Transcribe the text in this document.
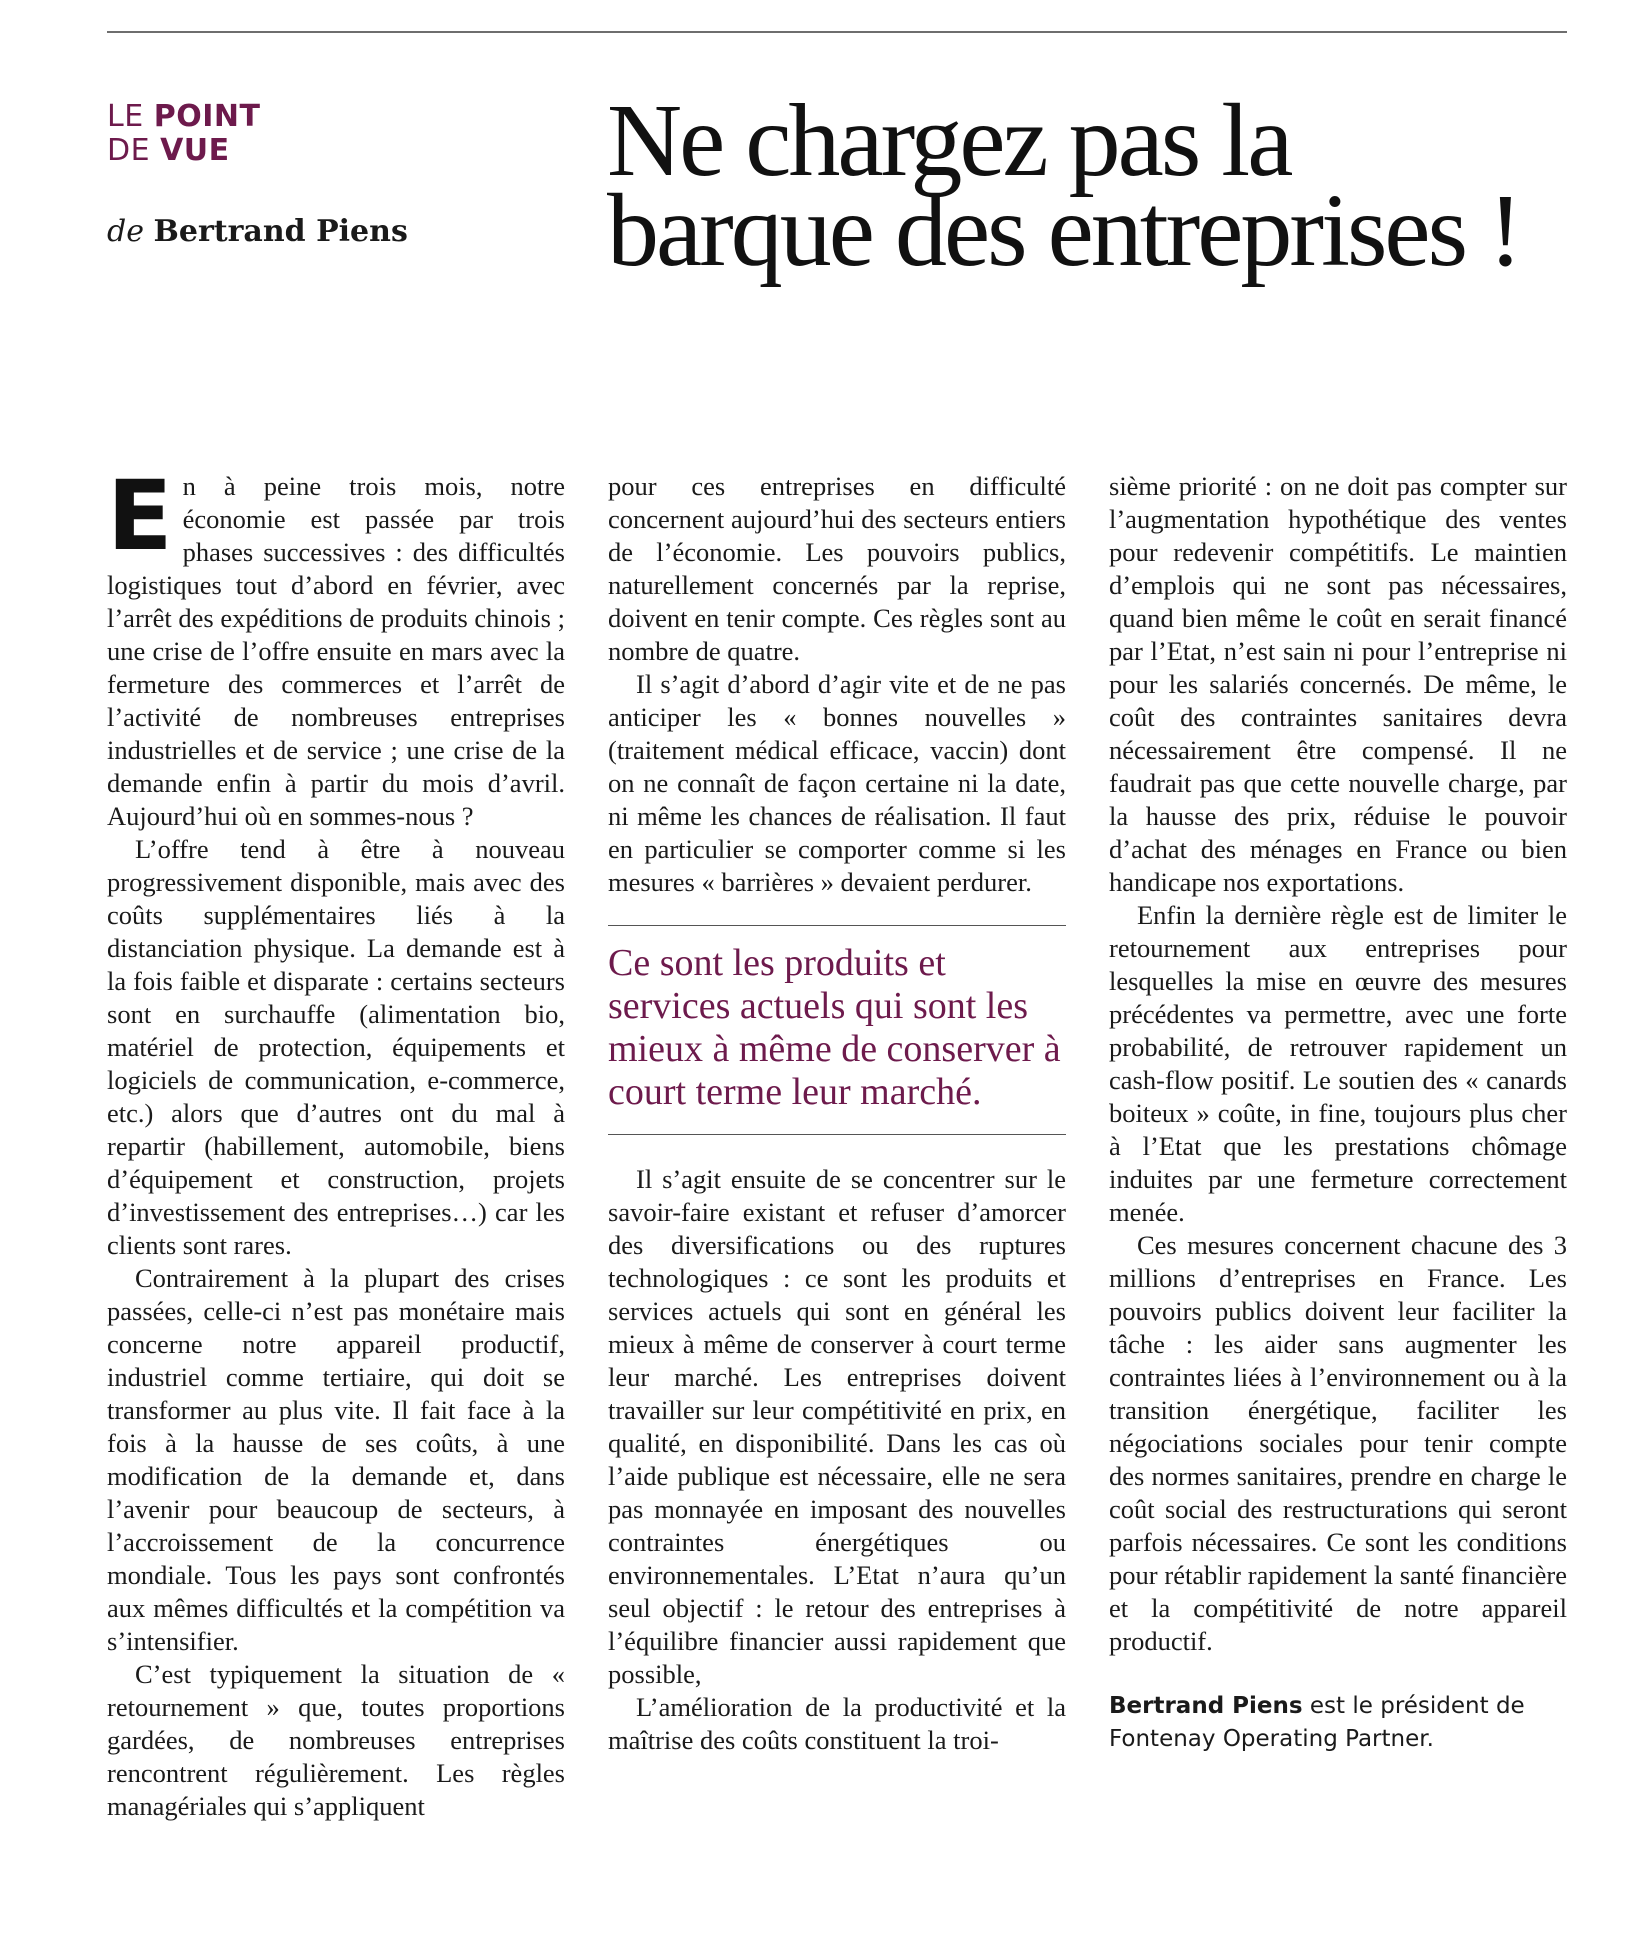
LE POINT
DE VUE
de Bertrand Piens
Ne chargez pas la
barque des entreprises !

En à peine trois mois, notre économie est passée par trois phases successives : des difficultés logistiques tout d’abord en février, avec l’arrêt des expéditions de produits chinois ; une crise de l’offre ensuite en mars avec la fermeture des commerces et l’arrêt de l’activité de nombreuses entreprises industrielles et de service ; une crise de la demande enfin à partir du mois d’avril. Aujourd’hui où en sommes-nous ?

L’offre tend à être à nouveau progressivement disponible, mais avec des coûts supplémentaires liés à la distanciation physique. La demande est à la fois faible et disparate : certains secteurs sont en surchauffe (alimentation bio, matériel de protection, équipements et logiciels de communication, e-commerce, etc.) alors que d’autres ont du mal à repartir (habillement, automobile, biens d’équipement et construction, projets d’investissement des entreprises…) car les clients sont rares.

Contrairement à la plupart des crises passées, celle-ci n’est pas monétaire mais concerne notre appareil productif, industriel comme tertiaire, qui doit se transformer au plus vite. Il fait face à la fois à la hausse de ses coûts, à une modification de la demande et, dans l’avenir pour beaucoup de secteurs, à l’accroissement de la concurrence mondiale. Tous les pays sont confrontés aux mêmes difficultés et la compétition va s’intensifier.

C’est typiquement la situation de « retournement » que, toutes proportions gardées, de nombreuses entreprises rencontrent régulièrement. Les règles managériales qui s’appliquent

pour ces entreprises en difficulté concernent aujourd’hui des secteurs entiers de l’économie. Les pouvoirs publics, naturellement concernés par la reprise, doivent en tenir compte. Ces règles sont au nombre de quatre.

Il s’agit d’abord d’agir vite et de ne pas anticiper les « bonnes nouvelles » (traitement médical efficace, vaccin) dont on ne connaît de façon certaine ni la date, ni même les chances de réalisation. Il faut en particulier se comporter comme si les mesures « barrières » devaient perdurer.

Ce sont les produits et services actuels qui sont les mieux à même de conserver à court terme leur marché.

Il s’agit ensuite de se concentrer sur le savoir-faire existant et refuser d’amorcer des diversifications ou des ruptures technologiques : ce sont les produits et services actuels qui sont en général les mieux à même de conserver à court terme leur marché. Les entreprises doivent travailler sur leur compétitivité en prix, en qualité, en disponibilité. Dans les cas où l’aide publique est nécessaire, elle ne sera pas monnayée en imposant des nouvelles contraintes énergétiques ou environnementales. L’Etat n’aura qu’un seul objectif : le retour des entreprises à l’équilibre financier aussi rapidement que possible,

L’amélioration de la productivité et la maîtrise des coûts constituent la troi-

sième priorité : on ne doit pas compter sur l’augmentation hypothétique des ventes pour redevenir compétitifs. Le maintien d’emplois qui ne sont pas nécessaires, quand bien même le coût en serait financé par l’Etat, n’est sain ni pour l’entreprise ni pour les salariés concernés. De même, le coût des contraintes sanitaires devra nécessairement être compensé. Il ne faudrait pas que cette nouvelle charge, par la hausse des prix, réduise le pouvoir d’achat des ménages en France ou bien handicape nos exportations.

Enfin la dernière règle est de limiter le retournement aux entreprises pour lesquelles la mise en œuvre des mesures précédentes va permettre, avec une forte probabilité, de retrouver rapidement un cash-flow positif. Le soutien des « canards boiteux » coûte, in fine, toujours plus cher à l’Etat que les prestations chômage induites par une fermeture correctement menée.

Ces mesures concernent chacune des 3 millions d’entreprises en France. Les pouvoirs publics doivent leur faciliter la tâche : les aider sans augmenter les contraintes liées à l’environnement ou à la transition énergétique, faciliter les négociations sociales pour tenir compte des normes sanitaires, prendre en charge le coût social des restructurations qui seront parfois nécessaires. Ce sont les conditions pour rétablir rapidement la santé financière et la compétitivité de notre appareil productif.

Bertrand Piens est le président de Fontenay Operating Partner.
